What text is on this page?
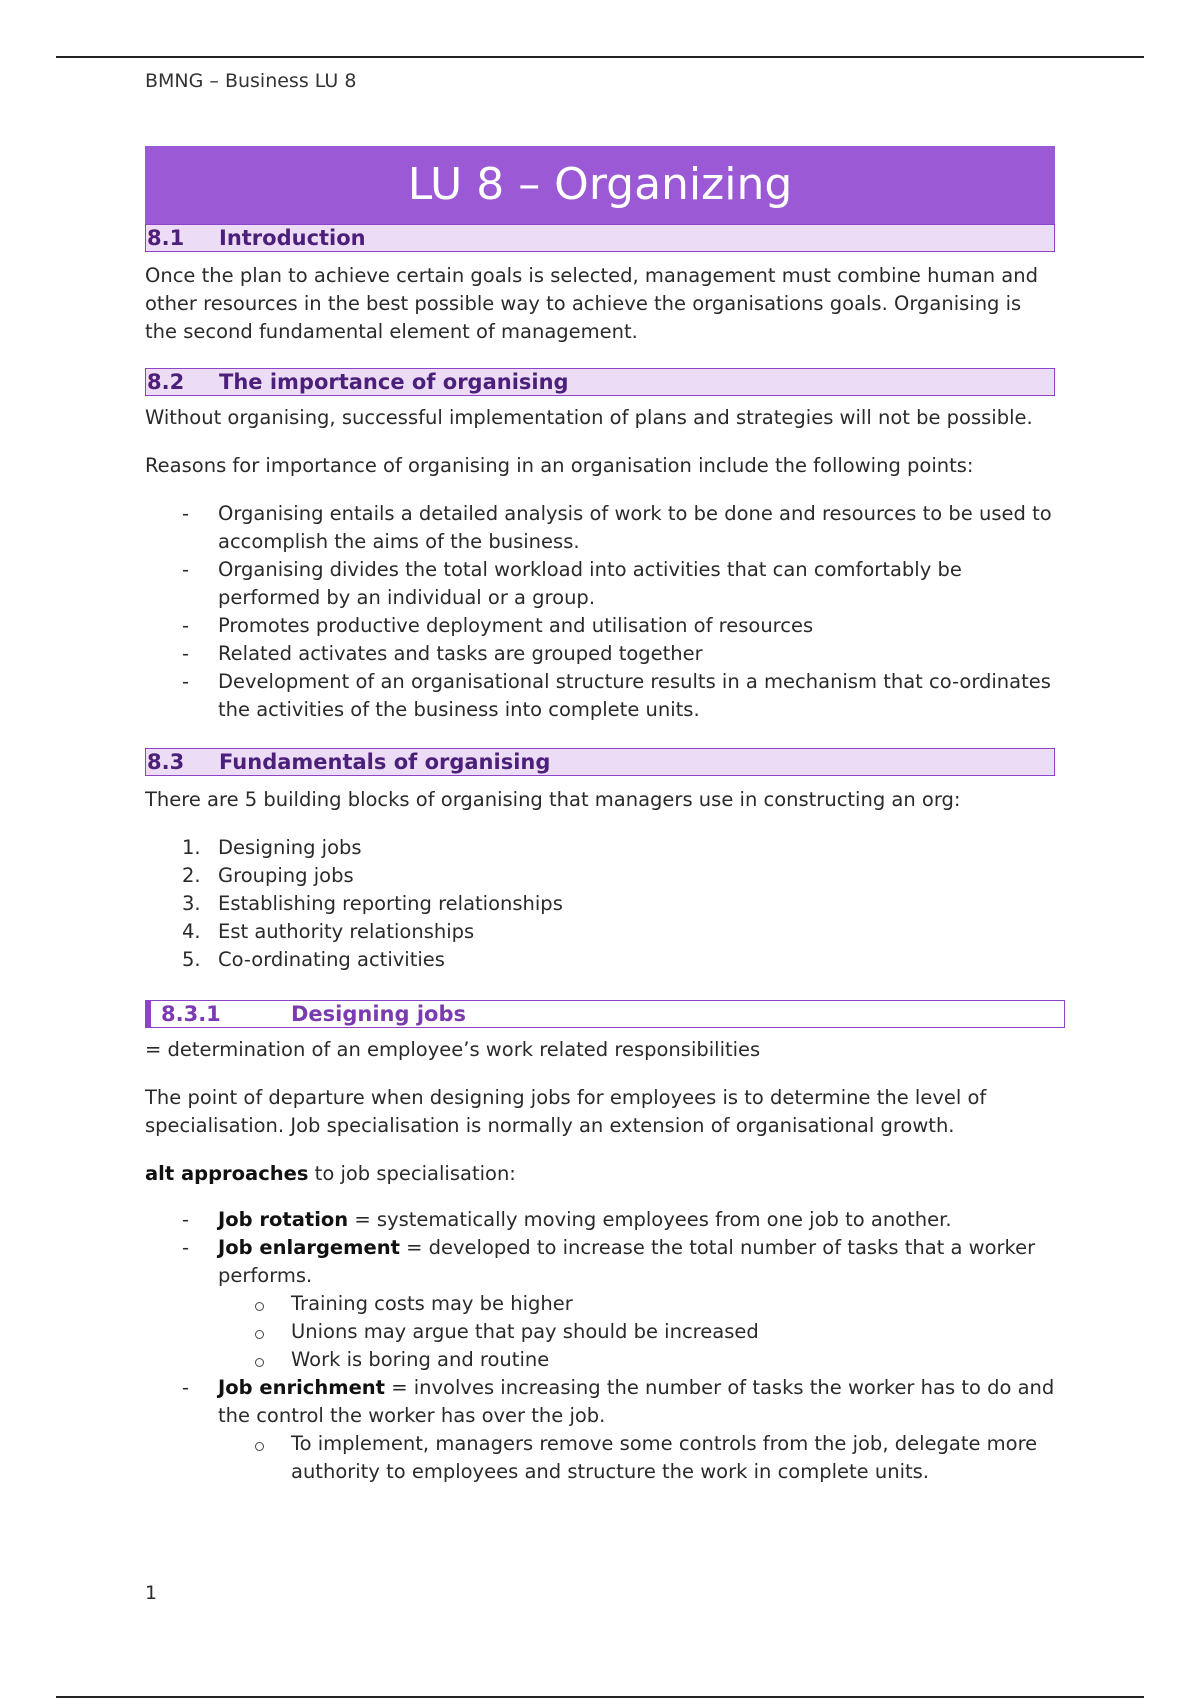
BMNG – Business LU 8
LU 8 – Organizing
8.1 Introduction

Once the plan to achieve certain goals is selected, management must combine human and other resources in the best possible way to achieve the organisations goals. Organising is the second fundamental element of management.

8.2 The importance of organising

Without organising, successful implementation of plans and strategies will not be possible.

Reasons for importance of organising in an organisation include the following points:

- Organising entails a detailed analysis of work to be done and resources to be used to accomplish the aims of the business.
- Organising divides the total workload into activities that can comfortably be performed by an individual or a group.
- Promotes productive deployment and utilisation of resources
- Related activates and tasks are grouped together
- Development of an organisational structure results in a mechanism that co-ordinates the activities of the business into complete units.
8.3 Fundamentals of organising

There are 5 building blocks of organising that managers use in constructing an org:

1. Designing jobs
2. Grouping jobs
3. Establishing reporting relationships
4. Est authority relationships
5. Co-ordinating activities
8.3.1	Designing jobs

= determination of an employee’s work related responsibilities

The point of departure when designing jobs for employees is to determine the level of specialisation. Job specialisation is normally an extension of organisational growth.

alt approaches to job specialisation:

- Job rotation = systematically moving employees from one job to another.
- Job enlargement = developed to increase the total number of tasks that a worker performs.
Training costs may be higher
Unions may argue that pay should be increased
Work is boring and routine
- Job enrichment = involves increasing the number of tasks the worker has to do and the control the worker has over the job.
To implement, managers remove some controls from the job, delegate more authority to employees and structure the work in complete units.
1
